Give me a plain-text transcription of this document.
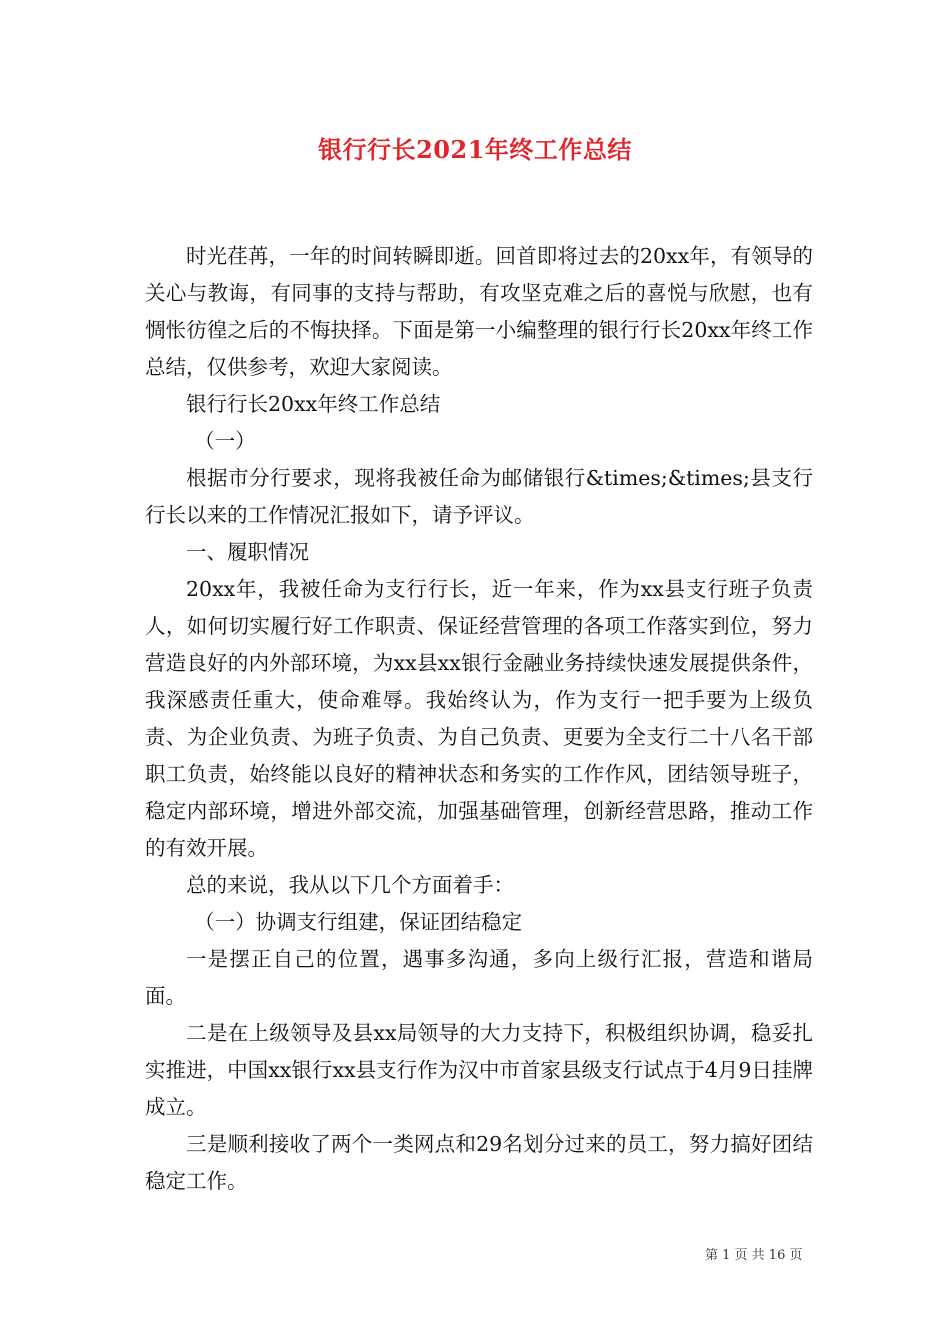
银行行长2021年终工作总结

时光荏苒，一年的时间转瞬即逝。回首即将过去的20xx年，有领导的关心与教诲，有同事的支持与帮助，有攻坚克难之后的喜悦与欣慰，也有惆怅彷徨之后的不悔抉择。下面是第一小编整理的银行行长20xx年终工作总结，仅供参考，欢迎大家阅读。

银行行长20xx年终工作总结

（一）

根据市分行要求，现将我被任命为邮储银行&times;&times;县支行行长以来的工作情况汇报如下，请予评议。

一、履职情况

20xx年，我被任命为支行行长，近一年来，作为xx县支行班子负责人，如何切实履行好工作职责、保证经营管理的各项工作落实到位，努力营造良好的内外部环境，为xx县xx银行金融业务持续快速发展提供条件，我深感责任重大，使命难辱。我始终认为，作为支行一把手要为上级负责、为企业负责、为班子负责、为自己负责、更要为全支行二十八名干部职工负责，始终能以良好的精神状态和务实的工作作风，团结领导班子，稳定内部环境，增进外部交流，加强基础管理，创新经营思路，推动工作的有效开展。

总的来说，我从以下几个方面着手：

（一）协调支行组建，保证团结稳定

一是摆正自己的位置，遇事多沟通，多向上级行汇报，营造和谐局面。

二是在上级领导及县xx局领导的大力支持下，积极组织协调，稳妥扎实推进，中国xx银行xx县支行作为汉中市首家县级支行试点于4月9日挂牌成立。

三是顺利接收了两个一类网点和29名划分过来的员工，努力搞好团结稳定工作。

第 1 页 共 16 页
